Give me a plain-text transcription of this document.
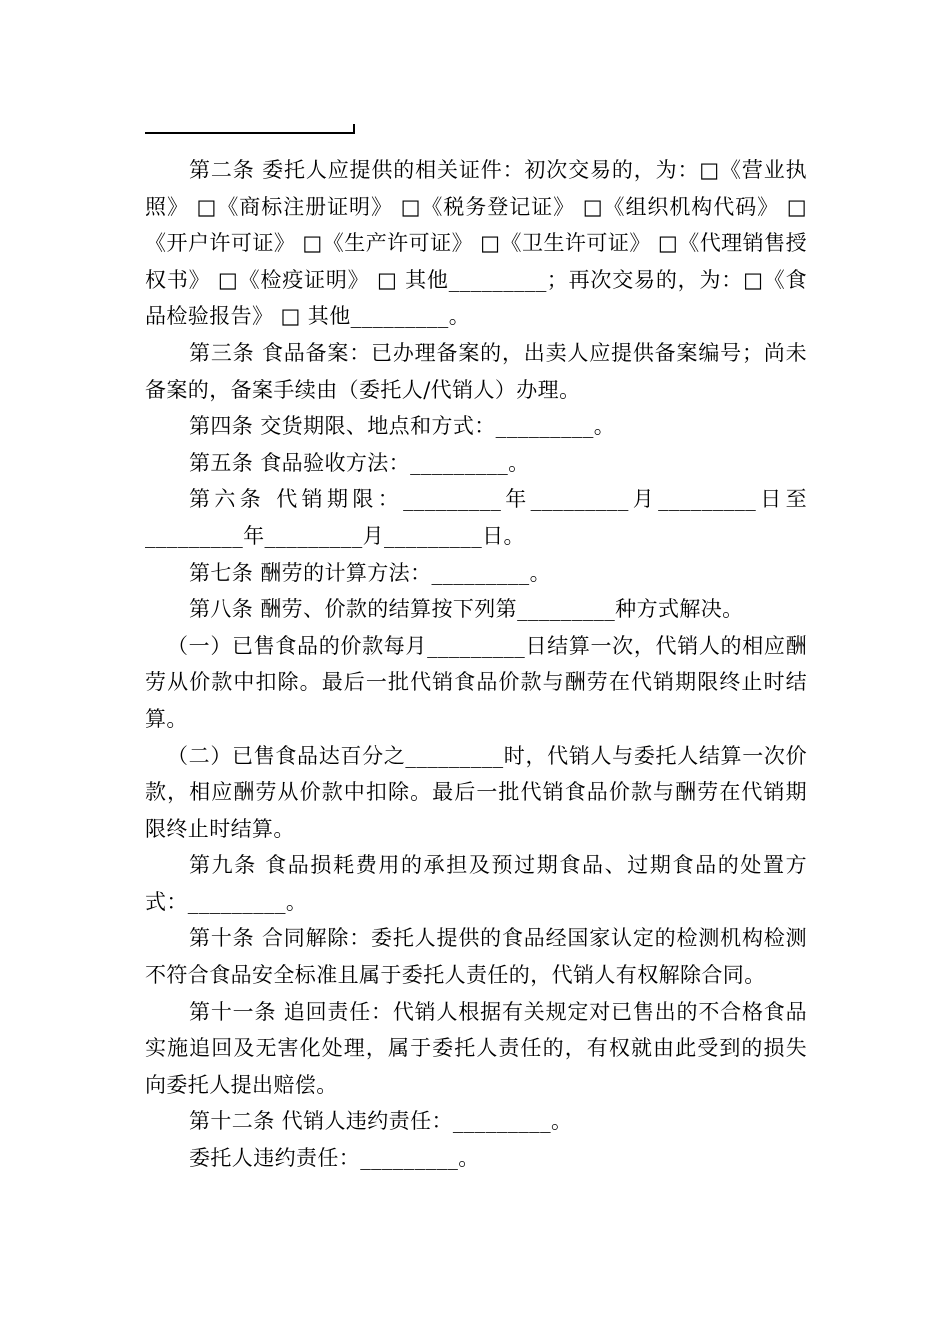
第二条 委托人应提供的相关证件：初次交易的，为：□《营业执照》 □《商标注册证明》 □《税务登记证》 □《组织机构代码》 □《开户许可证》 □《生产许可证》 □《卫生许可证》 □《代理销售授权书》 □《检疫证明》 □ 其他_________；再次交易的，为：□《食品检验报告》 □ 其他_________。

第三条 食品备案：已办理备案的，出卖人应提供备案编号；尚未备案的，备案手续由（委托人/代销人）办理。

第四条 交货期限、地点和方式：_________。

第五条 食品验收方法：_________。

第六条 代销期限：_________年_________月_________日至_________年_________月_________日。

第七条 酬劳的计算方法：_________。

第八条 酬劳、价款的结算按下列第_________种方式解决。

（一）已售食品的价款每月_________日结算一次，代销人的相应酬劳从价款中扣除。最后一批代销食品价款与酬劳在代销期限终止时结算。

（二）已售食品达百分之_________时，代销人与委托人结算一次价款，相应酬劳从价款中扣除。最后一批代销食品价款与酬劳在代销期限终止时结算。

第九条 食品损耗费用的承担及预过期食品、过期食品的处置方式：_________。

第十条 合同解除：委托人提供的食品经国家认定的检测机构检测不符合食品安全标准且属于委托人责任的，代销人有权解除合同。

第十一条 追回责任：代销人根据有关规定对已售出的不合格食品实施追回及无害化处理，属于委托人责任的，有权就由此受到的损失向委托人提出赔偿。

第十二条 代销人违约责任：_________。

委托人违约责任：_________。
